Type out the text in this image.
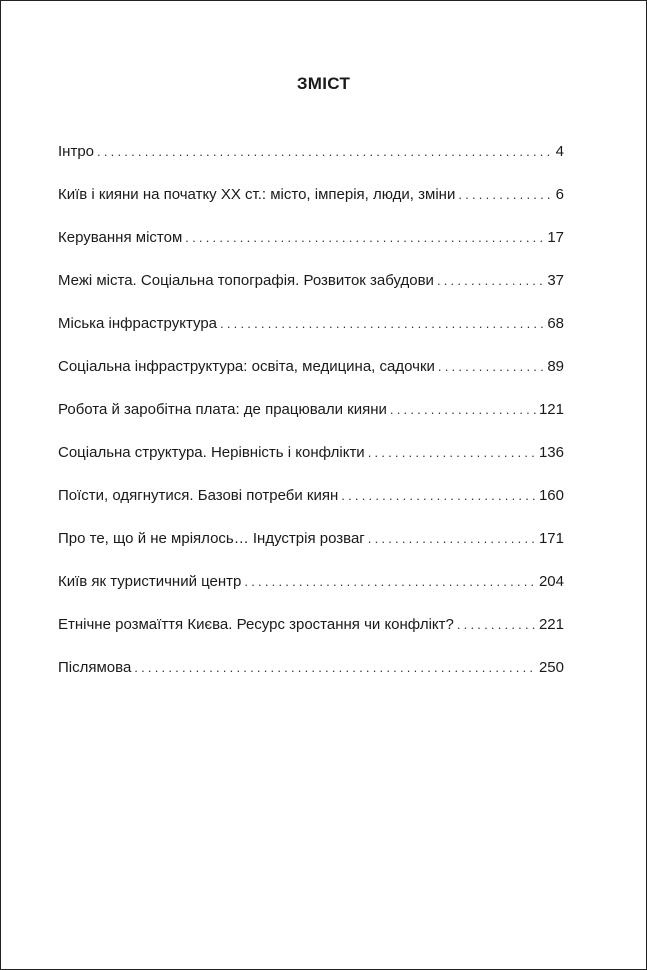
ЗМІСТ
Інтро .....	4
Київ і кияни на початку ХХ ст.: місто, імперія, люди, зміни .....	6
Керування містом .....	17
Межі міста. Соціальна топографія. Розвиток забудови .....	37
Міська інфраструктура .....	68
Соціальна інфраструктура: освіта, медицина, садочки .....	89
Робота й заробітна плата: де працювали кияни .....	121
Соціальна структура. Нерівність і конфлікти .....	136
Поїсти, одягнутися. Базові потреби киян .....	160
Про те, що й не мріялось… Індустрія розваг .....	171
Київ як туристичний центр .....	204
Етнічне розмаїття Києва. Ресурс зростання чи конфлікт? .....	221
Післямова .....	250
